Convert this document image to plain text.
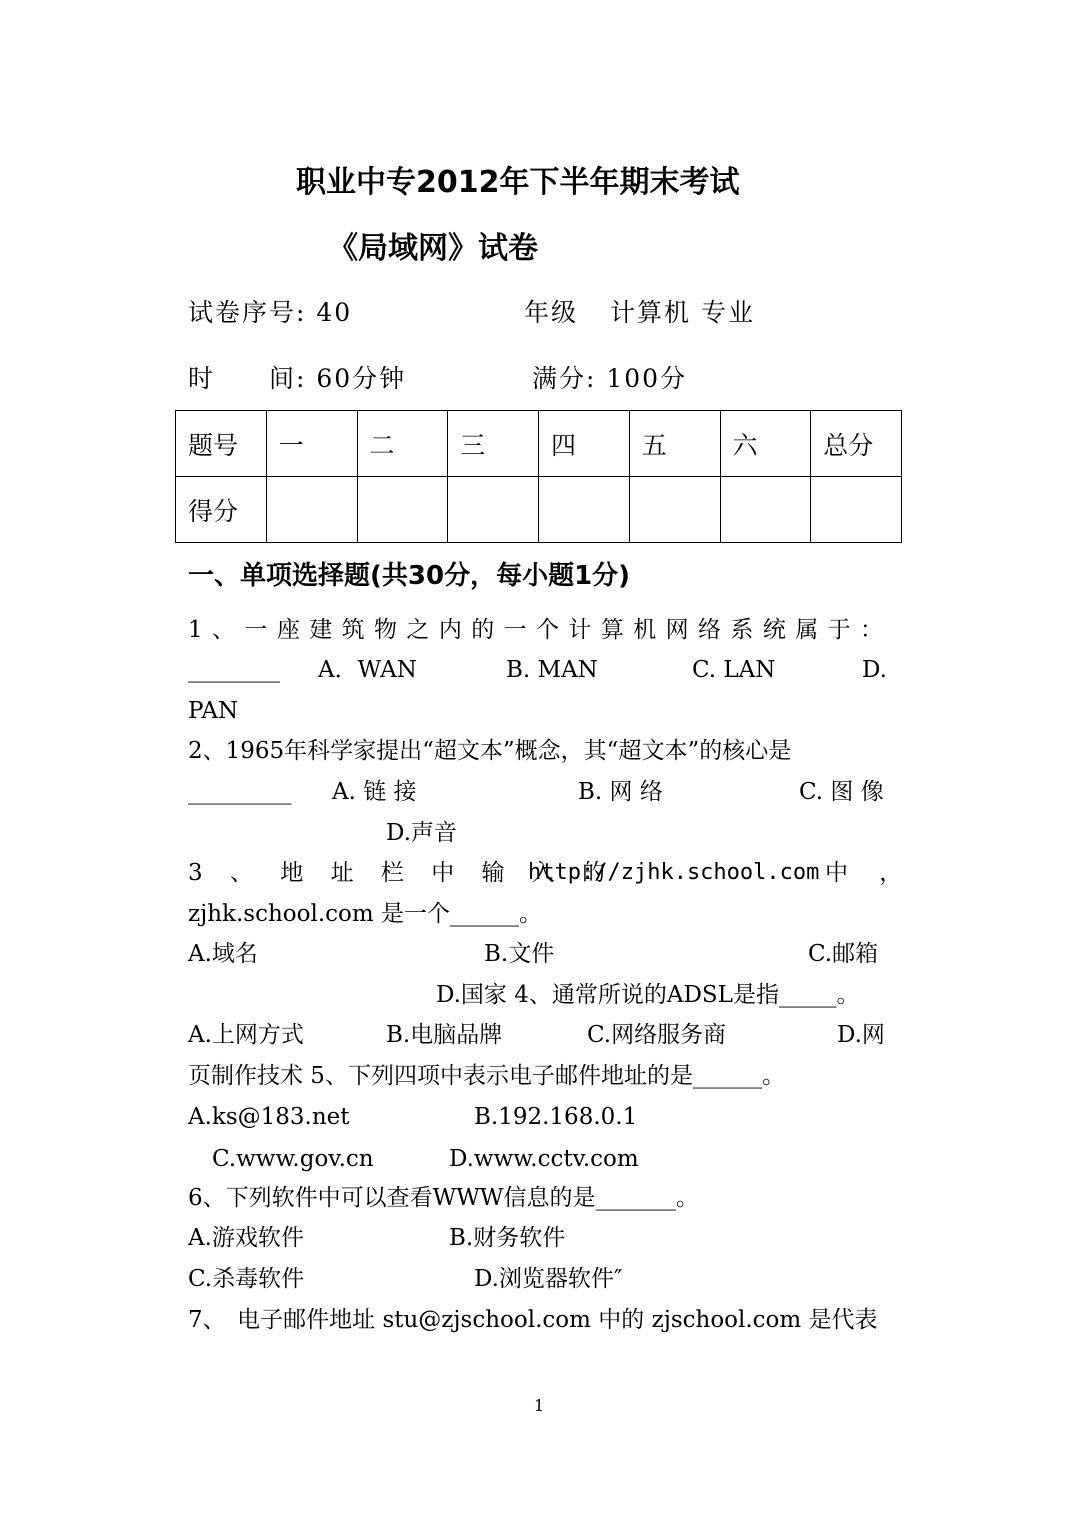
职业中专2012年下半年期末考试
《局域网》试卷
试卷序号: 40	年级 计算机 专业
时　　间: 60分钟	满分: 100分
题号	一	二	三	四	五	六	总分
得分							
一、单项选择题(共30分，每小题1分)
1、一座建筑物之内的一个计算机网络系统属于：
________ A．WAN	B. MAN	C. LAN	D.
PAN
2、1965年科学家提出“超文本”概念，其“超文本”的核心是
_________ A. 链 接	B. 网 络	C. 图 像
D.声音
3 、 地 址 栏 中 输 入 的
http://zjhk.school.com 中 ，
zjhk.school.com 是一个______。
A.域名	B.文件	C.邮箱
D.国家 4、通常所说的ADSL是指_____。
A.上网方式	B.电脑品牌	C.网络服务商	D.网
页制作技术 5、下列四项中表示电子邮件地址的是______。
A.ks@183.net	B.192.168.0.1
C.www.gov.cn	D.www.cctv.com
6、下列软件中可以查看WWW信息的是_______。
A.游戏软件	B.财务软件
C.杀毒软件	D.浏览器软件″
7、　电子邮件地址 stu@zjschool.com 中的 zjschool.com 是代表
1
